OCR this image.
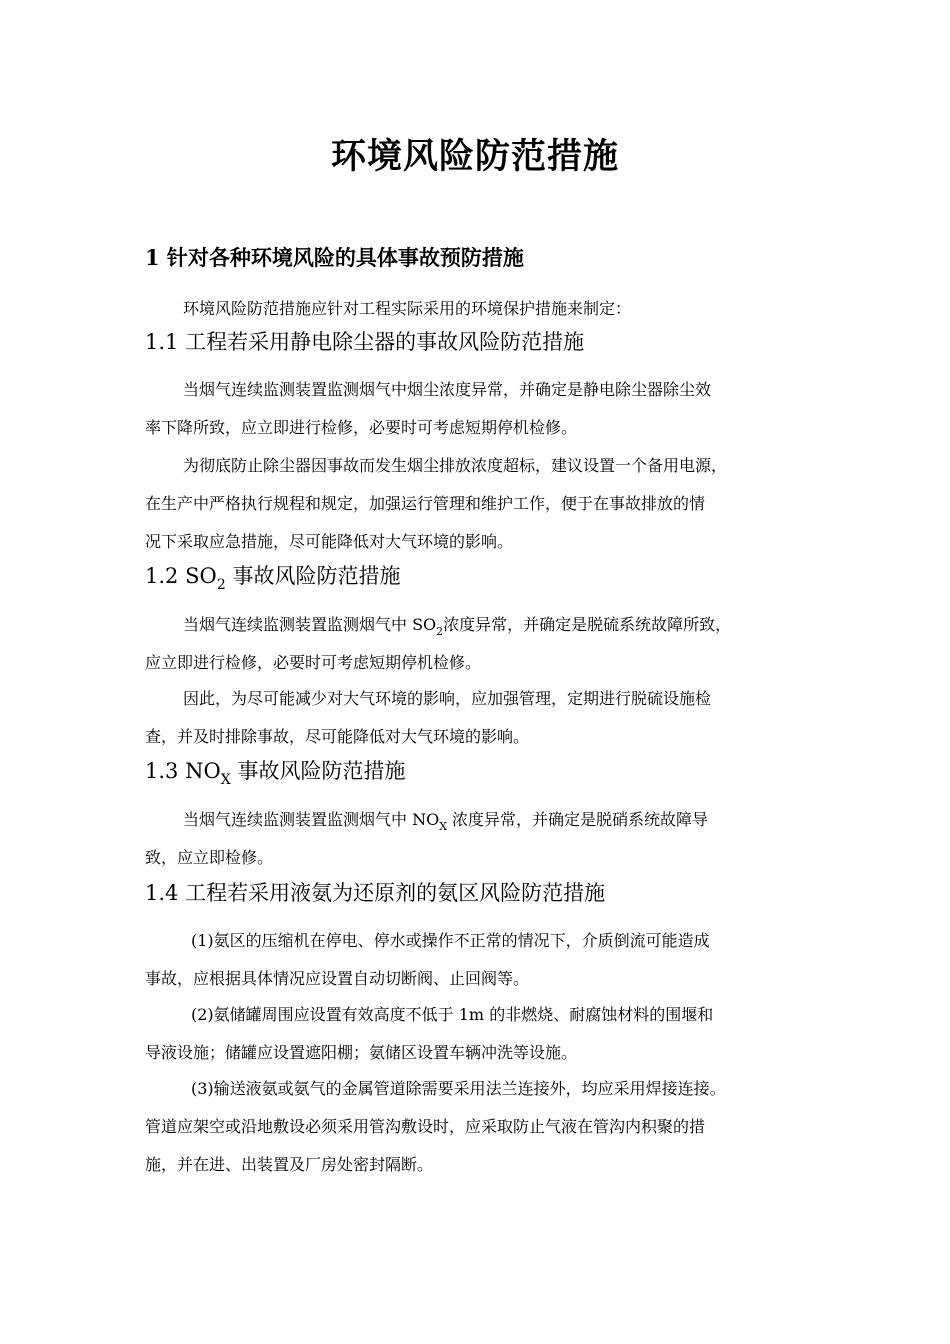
环境风险防范措施
1 针对各种环境风险的具体事故预防措施
环境风险防范措施应针对工程实际采用的环境保护措施来制定：
1.1 工程若采用静电除尘器的事故风险防范措施
当烟气连续监测装置监测烟气中烟尘浓度异常，并确定是静电除尘器除尘效
率下降所致，应立即进行检修，必要时可考虑短期停机检修。
为彻底防止除尘器因事故而发生烟尘排放浓度超标，建议设置一个备用电源，
在生产中严格执行规程和规定，加强运行管理和维护工作，便于在事故排放的情
况下采取应急措施，尽可能降低对大气环境的影响。
1.2 $SO_2$ 事故风险防范措施
当烟气连续监测装置监测烟气中 $SO_2$浓度异常，并确定是脱硫系统故障所致，
应立即进行检修，必要时可考虑短期停机检修。
因此，为尽可能减少对大气环境的影响，应加强管理，定期进行脱硫设施检
查，并及时排除事故，尽可能降低对大气环境的影响。
1.3 $NO_X$ 事故风险防范措施
当烟气连续监测装置监测烟气中 $NO_X$ 浓度异常，并确定是脱硝系统故障导
致，应立即检修。
1.4 工程若采用液氨为还原剂的氨区风险防范措施
(1)氨区的压缩机在停电、停水或操作不正常的情况下，介质倒流可能造成
事故，应根据具体情况应设置自动切断阀、止回阀等。
(2)氨储罐周围应设置有效高度不低于 1m 的非燃烧、耐腐蚀材料的围堰和
导液设施；储罐应设置遮阳棚；氨储区设置车辆冲洗等设施。
(3)输送液氨或氨气的金属管道除需要采用法兰连接外，均应采用焊接连接。
管道应架空或沿地敷设必须采用管沟敷设时，应采取防止气液在管沟内积聚的措
施，并在进、出装置及厂房处密封隔断。
